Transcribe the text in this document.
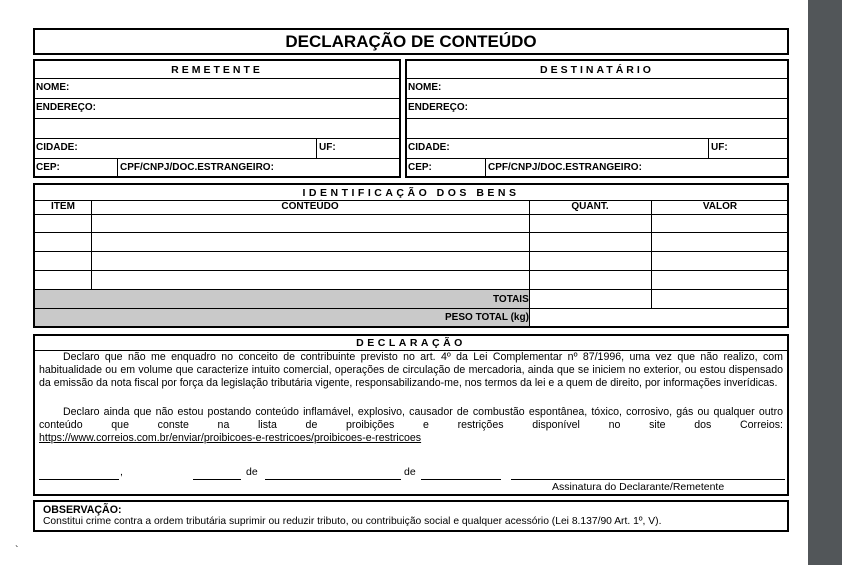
DECLARAÇÃO DE CONTEÚDO
REMETENTE
NOME:
ENDEREÇO:
CIDADE:	UF:
CEP:	CPF/CNPJ/DOC.ESTRANGEIRO:
DESTINATÁRIO
NOME:
ENDEREÇO:
CIDADE:	UF:
CEP:	CPF/CNPJ/DOC.ESTRANGEIRO:
IDENTIFICAÇÃO DOS BENS
ITEM	CONTEÚDO	QUANT.	VALOR
TOTAIS
PESO TOTAL (kg)
DECLARAÇÃO
Declaro que não me enquadro no conceito de contribuinte previsto no art. 4º da Lei Complementar nº 87/1996, uma vez que não realizo, com habitualidade ou em volume que caracterize intuito comercial, operações de circulação de mercadoria, ainda que se iniciem no exterior, ou estou dispensado da emissão da nota fiscal por força da legislação tributária vigente, responsabilizando-me, nos termos da lei e a quem de direito, por informações inverídicas.
Declaro ainda que não estou postando conteúdo inflamável, explosivo, causador de combustão espontânea, tóxico, corrosivo, gás ou qualquer outro conteúdo que conste na lista de proibições e restrições disponível no site dos Correios:
https://www.correios.com.br/enviar/proibicoes-e-restricoes/proibicoes-e-restricoes
,	de	de
Assinatura do Declarante/Remetente
OBSERVAÇÃO:
Constitui crime contra a ordem tributária suprimir ou reduzir tributo, ou contribuição social e qualquer acessório (Lei 8.137/90 Art. 1º, V).
`
